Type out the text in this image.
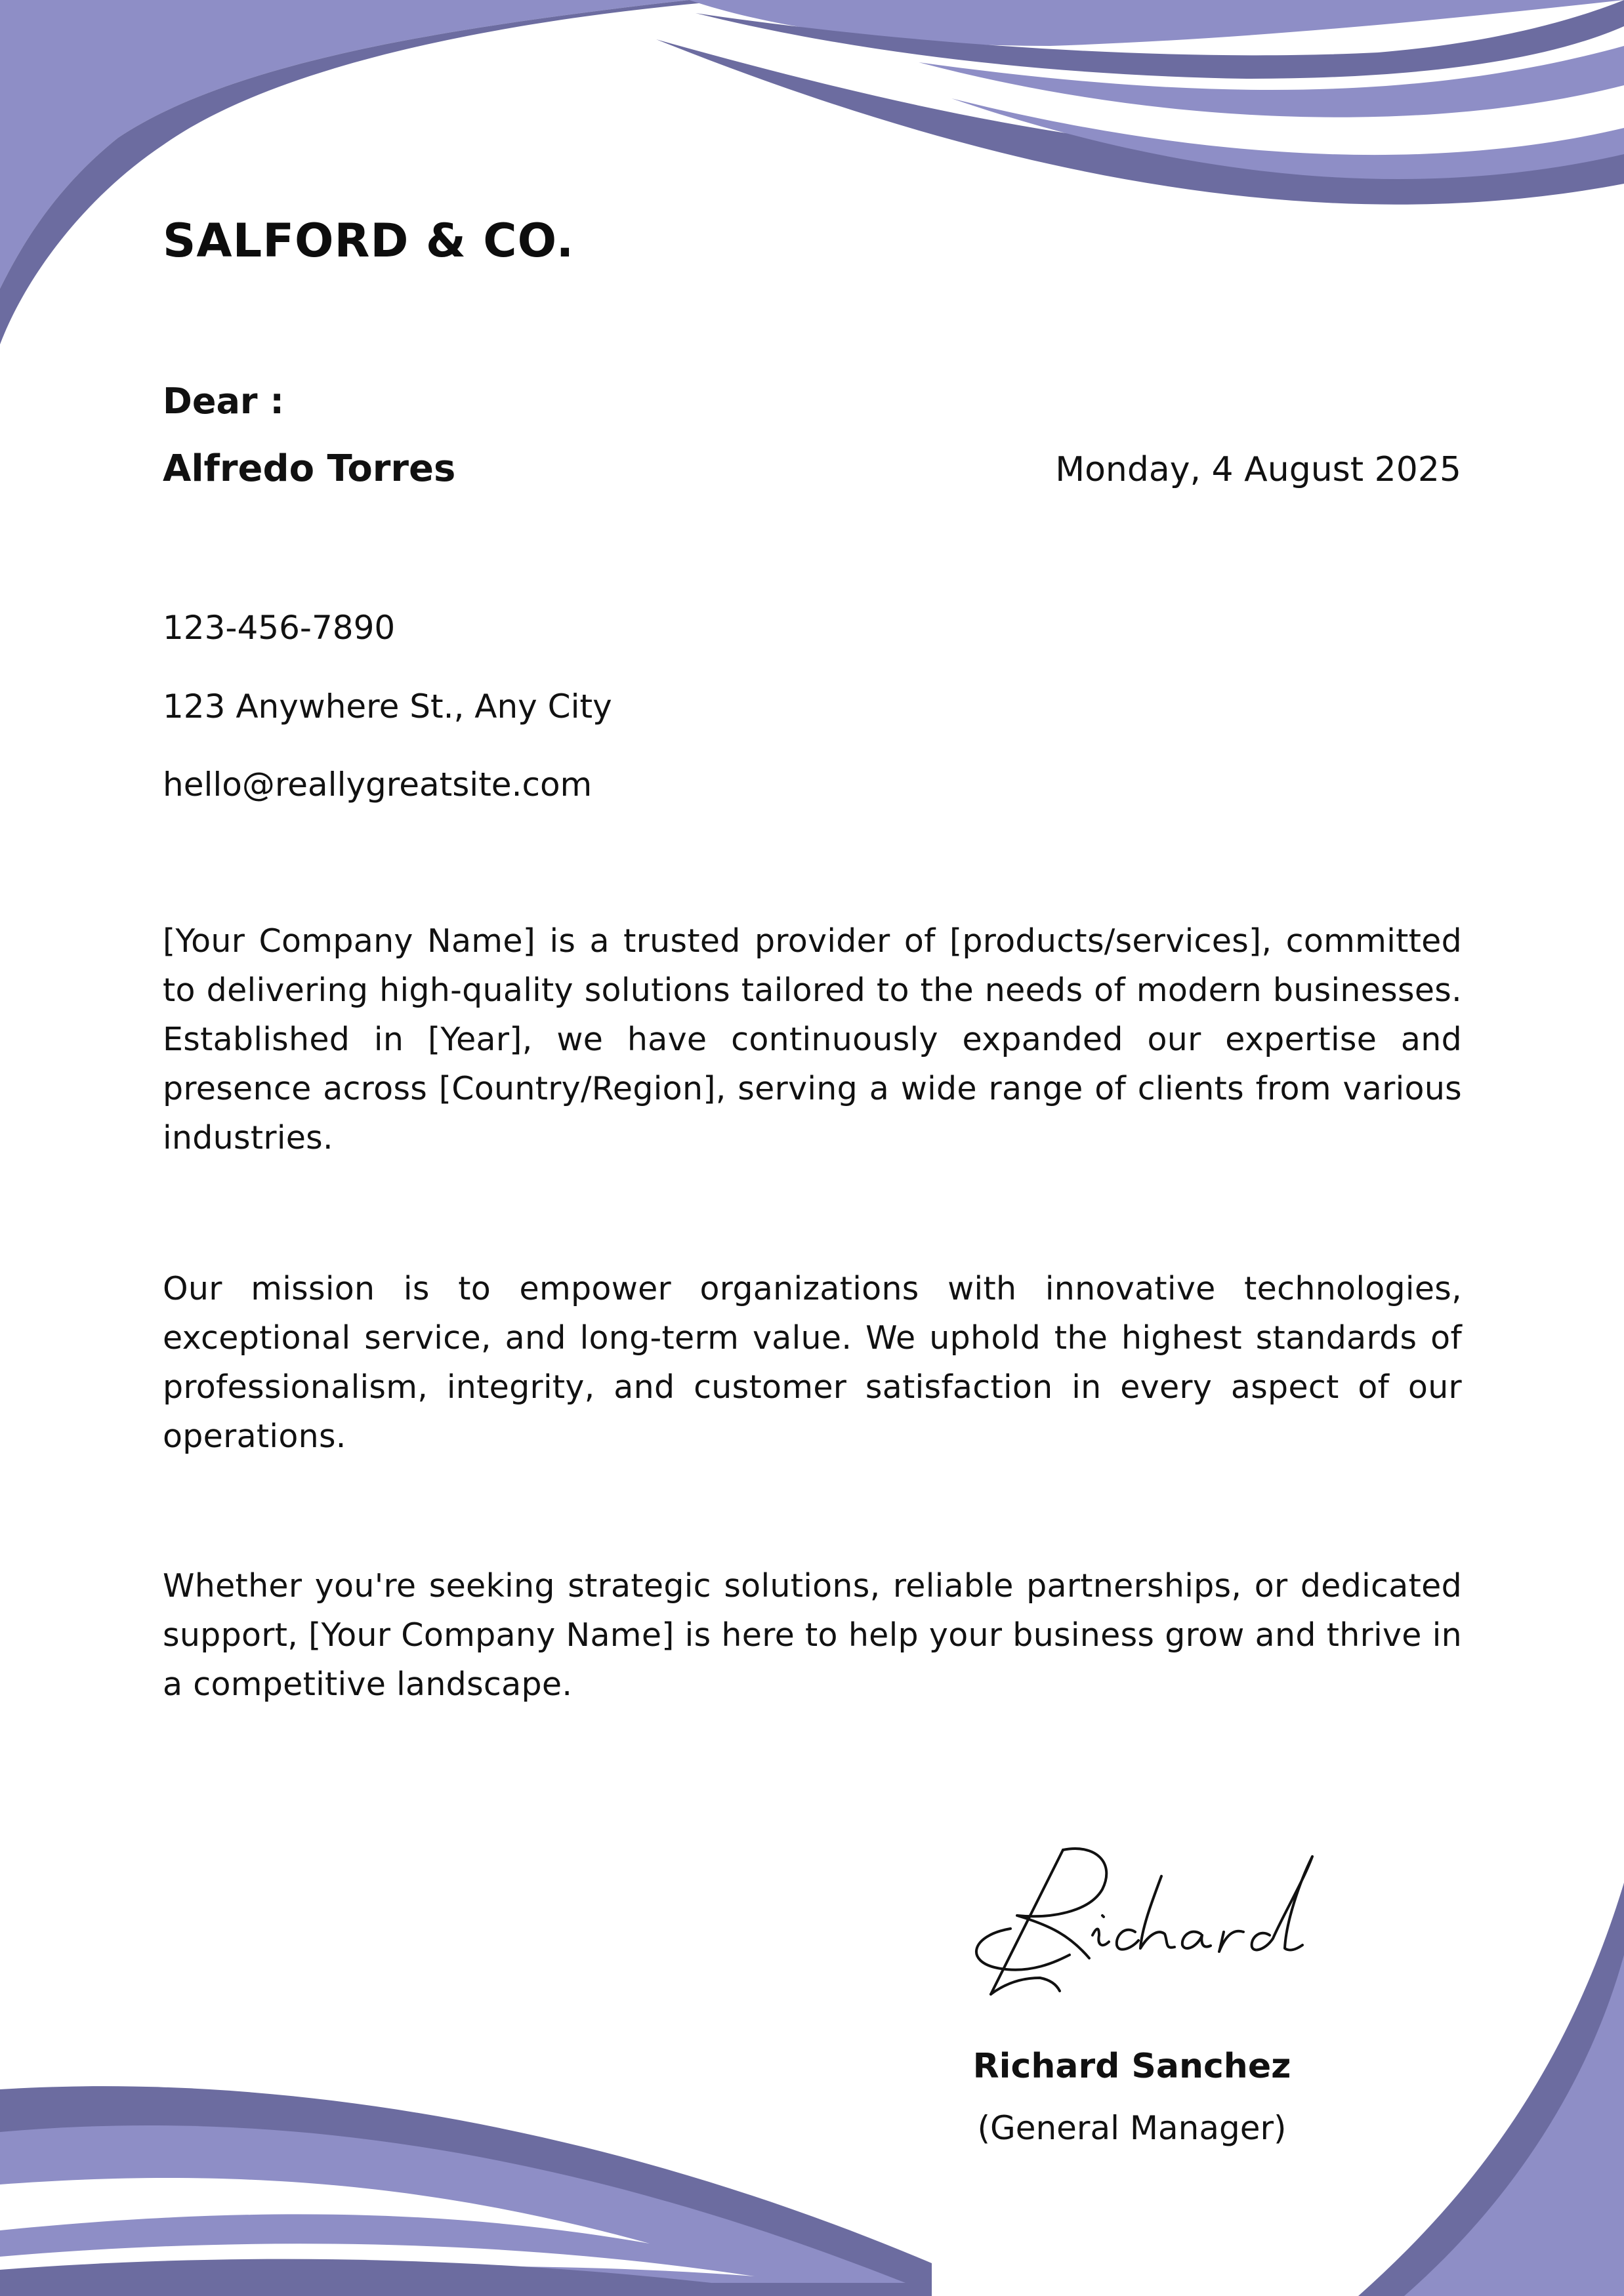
SALFORD & CO.
Dear :
Alfredo Torres	Monday, 4 August 2025
123-456-7890
123 Anywhere St., Any City
hello@reallygreatsite.com

[Your Company Name] is a trusted provider of [products/services], committed to delivering high-quality solutions tailored to the needs of modern businesses. Established in [Year], we have continuously expanded our expertise and presence across [Country/Region], serving a wide range of clients from various industries.

Our mission is to empower organizations with innovative technologies, exceptional service, and long-term value. We uphold the highest standards of professionalism, integrity, and customer satisfaction in every aspect of our operations.

Whether you're seeking strategic solutions, reliable partnerships, or dedicated support, [Your Company Name] is here to help your business grow and thrive in a competitive landscape.

Richard Sanchez
(General Manager)
